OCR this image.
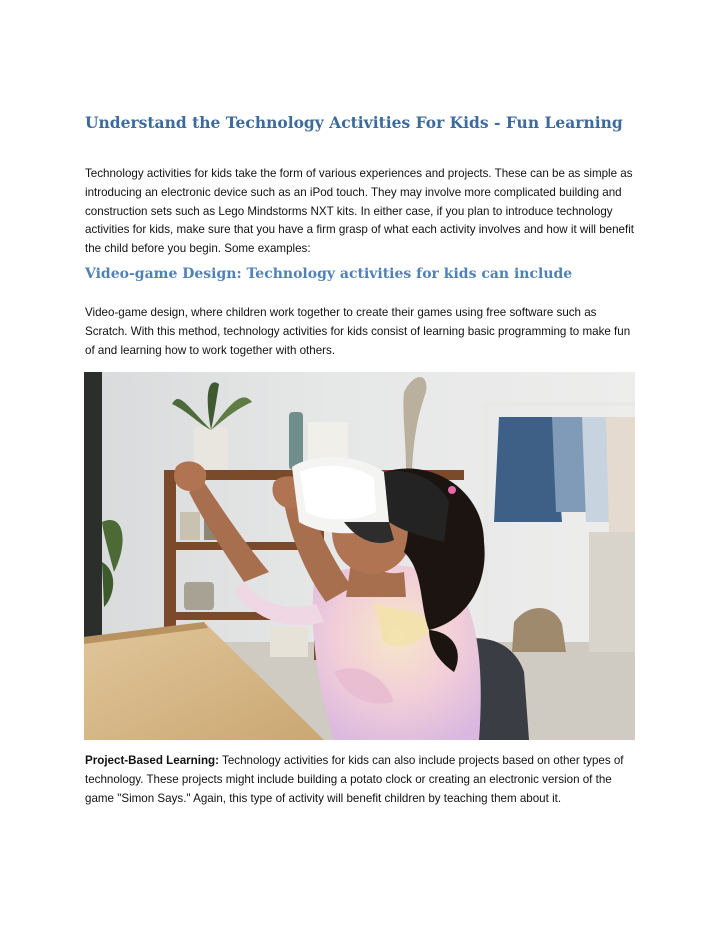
Understand the Technology Activities For Kids - Fun Learning

Technology activities for kids take the form of various experiences and projects. These can be as simple as introducing an electronic device such as an iPod touch. They may involve more complicated building and construction sets such as Lego Mindstorms NXT kits. In either case, if you plan to introduce technology activities for kids, make sure that you have a firm grasp of what each activity involves and how it will benefit the child before you begin. Some examples:

Video-game Design: Technology activities for kids can include

Video-game design, where children work together to create their games using free software such as Scratch. With this method, technology activities for kids consist of learning basic programming to make fun of and learning how to work together with others.

Project-Based Learning: Technology activities for kids can also include projects based on other types of technology. These projects might include building a potato clock or creating an electronic version of the game "Simon Says." Again, this type of activity will benefit children by teaching them about it.
